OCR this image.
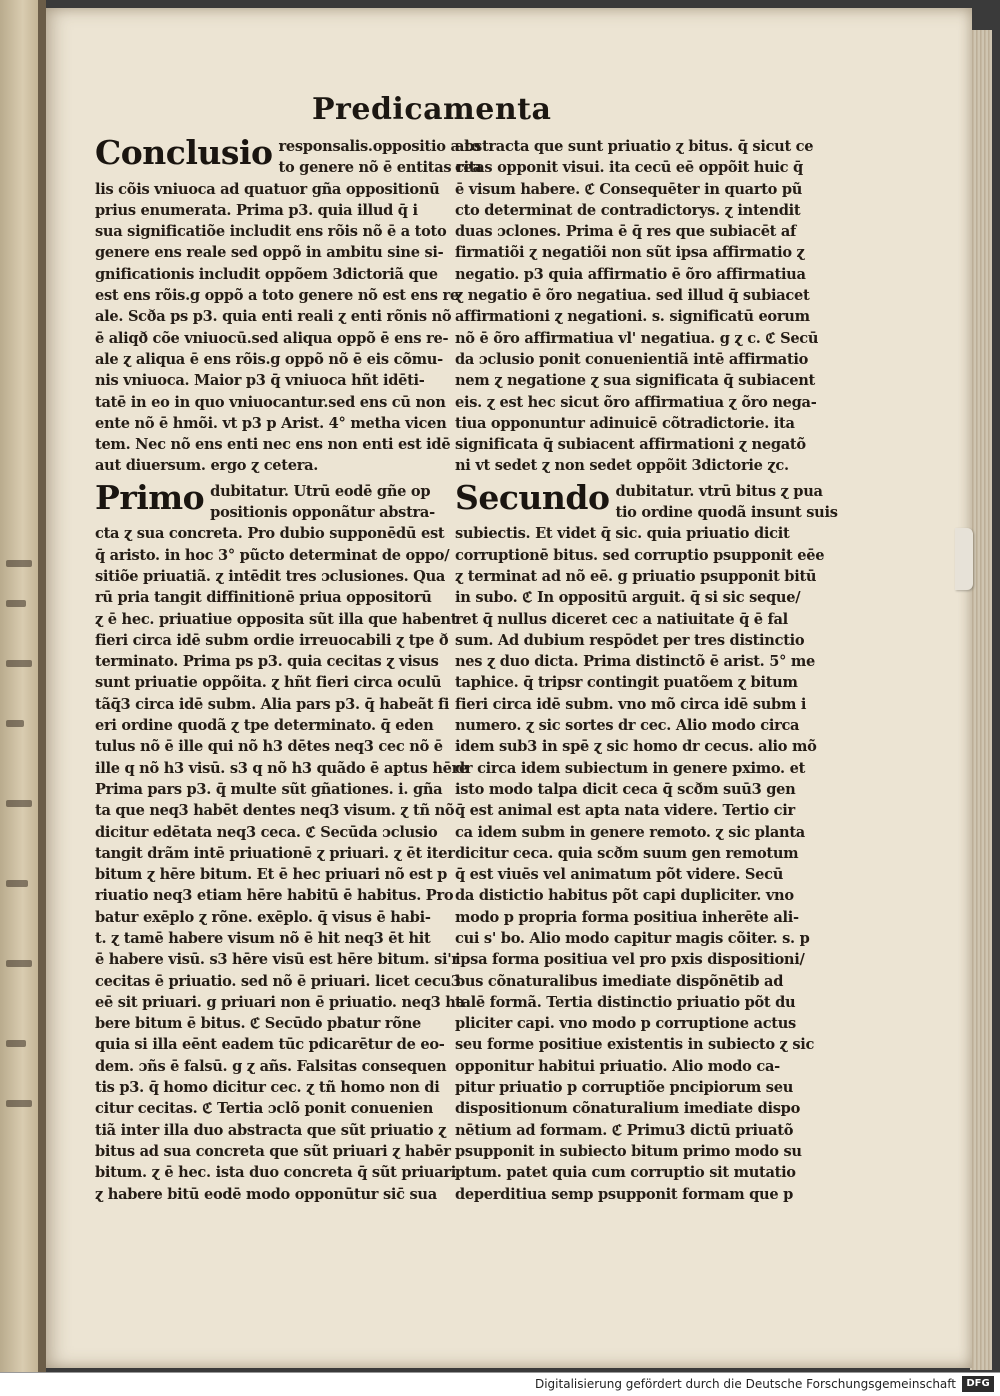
Predicamenta
Conclusio responsalis.oppositio a to
to genere nõ ē entitas rea
lis cõis vniuoca ad quatuor gña oppositionū
prius enumerata. Prima p3. quia illud q̄ i
sua significatiõe includit ens rõis nõ ē a toto
genere ens reale sed oppõ in ambitu sine si-
gnificationis includit oppõem 3dictoriã que
est ens rõis.g oppõ a toto genere nõ est ens re
ale. Scða ps p3. quia enti reali ɀ enti rõnis nõ
ē aliqð cõe vniuocū.sed aliqua oppõ ē ens re-
ale ɀ aliqua ē ens rõis.g oppõ nõ ē eis cõmu-
nis vniuoca. Maior p3 q̄ vniuoca hñt idēti-
tatē in eo in quo vniuocantur.sed ens cū non
ente nõ ē hmõi. vt p3 p Arist. 4° metha vicen
tem. Nec nõ ens enti nec ens non enti est idē
aut diuersum. ergo ɀ cetera.
Primo dubitatur. Utrū eodē gñe op
positionis opponãtur abstra-
cta ɀ sua concreta. Pro dubio supponēdū est
q̄ aristo. in hoc 3° pũcto determinat de oppo/
sitiõe priuatiã. ɀ intēdit tres ɔclusiones. Qua
rū pria tangit diffinitionē priua oppositorū
ɀ ē hec. priuatiue opposita sũt illa que habent
fieri circa idē subm ordie irreuocabili ɀ tpe ð
terminato. Prima ps p3. quia cecitas ɀ visus
sunt priuatie oppõita. ɀ hñt fieri circa oculū
tãq̄3 circa idē subm. Alia pars p3. q̄ habeãt fi
eri ordine quodã ɀ tpe determinato. q̄ eden
tulus nõ ē ille qui nõ h3 dētes neq3 cec nõ ē
ille q nõ h3 visū. s3 q nõ h3 quãdo ē aptus hēre
Prima pars p3. q̄ multe sũt gñationes. i. gña
ta que neq3 habēt dentes neq3 visum. ɀ tñ nõ
dicitur edētata neq3 ceca. ℭ Secūda ɔclusio
tangit drãm intē priuationē ɀ priuari. ɀ ēt iter
bitum ɀ hēre bitum. Et ē hec priuari nõ est p
riuatio neq3 etiam hēre habitū ē habitus. Pro
batur exēplo ɀ rõne. exēplo. q̄ visus ē habi-
t. ɀ tamē habere visum nõ ē hit neq3 ēt hit
ē habere visū. s3 hēre visū est hēre bitum. si'r
cecitas ē priuatio. sed nõ ē priuari. licet cecu3
eē sit priuari. g priuari non ē priuatio. neq3 ha
bere bitum ē bitus. ℭ Secūdo pbatur rõne
quia si illa eēnt eadem tūc pdicarētur de eo-
dem. ɔñs ē falsū. g ɀ añs. Falsitas consequen
tis p3. q̄ homo dicitur cec. ɀ tñ homo non di
citur cecitas. ℭ Tertia ɔclõ ponit conuenien
tiã inter illa duo abstracta que sũt priuatio ɀ
bitus ad sua concreta que sũt priuari ɀ habēr
bitum. ɀ ē hec. ista duo concreta q̄ sũt priuari
ɀ habere bitū eodē modo opponūtur sic̄ sua
abstracta que sunt priuatio ɀ bitus. q̄ sicut ce
citas opponit visui. ita cecū eē oppõit huic q̄
ē visum habere. ℭ Consequēter in quarto pũ
cto determinat de contradictorys. ɀ intendit
duas ɔclones. Prima ē q̄ res que subiacēt af
firmatiõi ɀ negatiõi non sũt ipsa affirmatio ɀ
negatio. p3 quia affirmatio ē õro affirmatiua
ɀ negatio ē õro negatiua. sed illud q̄ subiacet
affirmationi ɀ negationi. s. significatū eorum
nõ ē õro affirmatiua vl' negatiua. g ɀ c. ℭ Secū
da ɔclusio ponit conuenientiã intē affirmatio
nem ɀ negatione ɀ sua significata q̄ subiacent
eis. ɀ est hec sicut õro affirmatiua ɀ õro nega-
tiua opponuntur adinuicē cõtradictorie. ita
significata q̄ subiacent affirmationi ɀ negatõ
ni vt sedet ɀ non sedet oppõit 3dictorie ɀc.
Secundo dubitatur. vtrū bitus ɀ pua
tio ordine quodã insunt suis
subiectis. Et videt q̄ sic. quia priuatio dicit
corruptionē bitus. sed corruptio psupponit eēe
ɀ terminat ad nõ eē. g priuatio psupponit bitū
in subo. ℭ In oppositū arguit. q̄ si sic seque/
ret q̄ nullus diceret cec a natiuitate q̄ ē fal
sum. Ad dubium respōdet per tres distinctio
nes ɀ duo dicta. Prima distinctõ ē arist. 5° me
taphice. q̄ tripsr contingit puatõem ɀ bitum
fieri circa idē subm. vno mõ circa idē subm i
numero. ɀ sic sortes dr cec. Alio modo circa
idem sub3 in spē ɀ sic homo dr cecus. alio mõ
dr circa idem subiectum in genere pximo. et
isto modo talpa dicit ceca q̄ scðm suū3 gen
q̄ est animal est apta nata videre. Tertio cir
ca idem subm in genere remoto. ɀ sic planta
dicitur ceca. quia scðm suum gen remotum
q̄ est viuēs vel animatum põt videre. Secū
da distictio habitus põt capi dupliciter. vno
modo p propria forma positiua inherēte ali-
cui s' bo. Alio modo capitur magis cõiter. s. p
ipsa forma positiua vel pro pxis dispositioni/
bus cõnaturalibus imediate dispõnētib ad
talē formã. Tertia distinctio priuatio põt du
pliciter capi. vno modo p corruptione actus
seu forme positiue existentis in subiecto ɀ sic
opponitur habitui priuatio. Alio modo ca-
pitur priuatio p corruptiõe pncipiorum seu
dispositionum cõnaturalium imediate dispo
nētium ad formam. ℭ Primu3 dictū priuatõ
psupponit in subiecto bitum primo modo su
ptum. patet quia cum corruptio sit mutatio
deperditiua semp psupponit formam que p
Digitalisierung gefördert durch die Deutsche Forschungsgemeinschaft	DFG
